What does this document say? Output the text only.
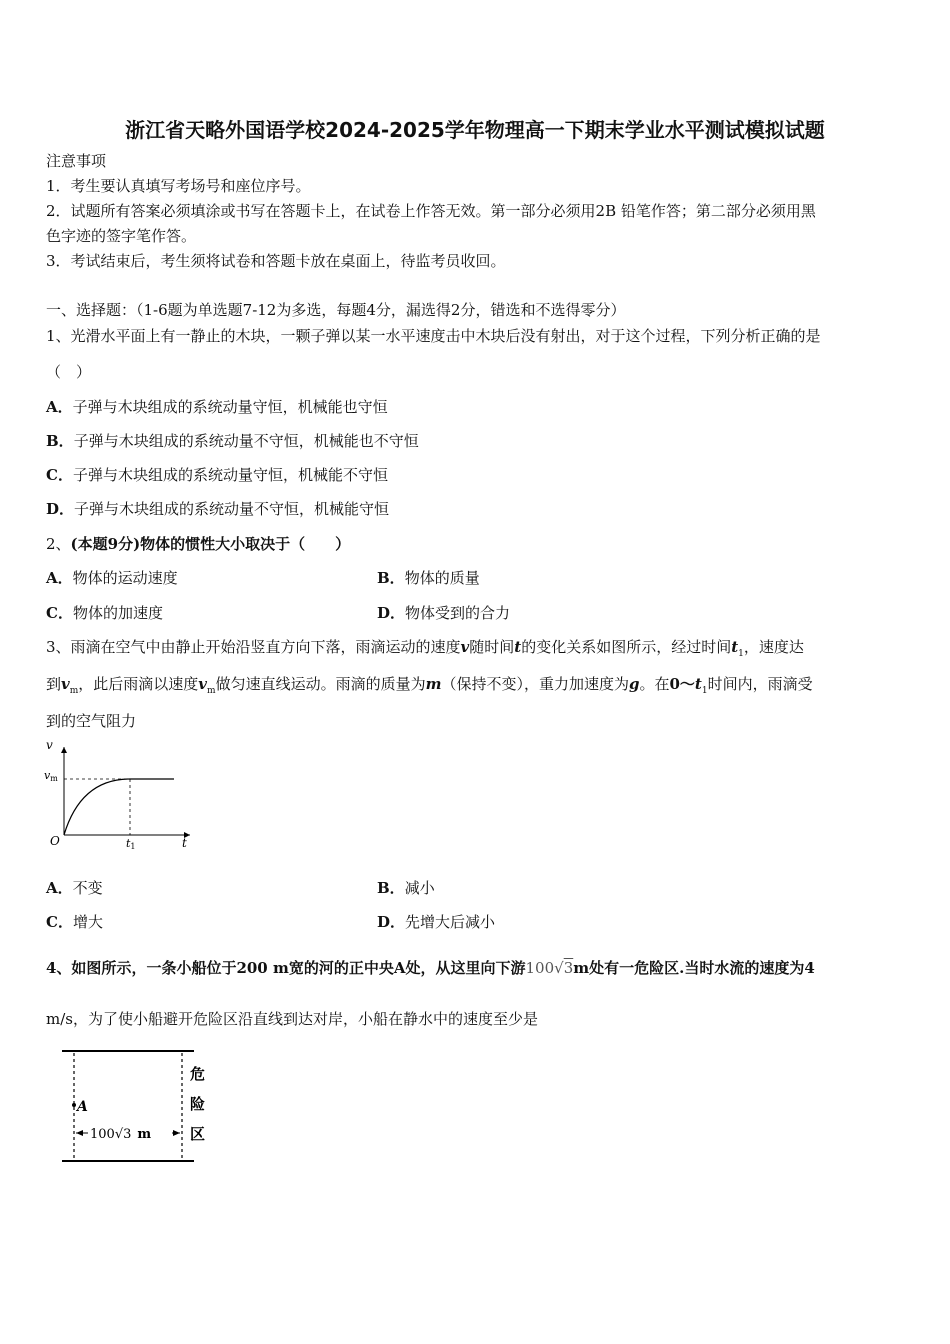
浙江省天略外国语学校2024-2025学年物理高一下期末学业水平测试模拟试题
注意事项
1．考生要认真填写考场号和座位序号。
2．试题所有答案必须填涂或书写在答题卡上，在试卷上作答无效。第一部分必须用2B 铅笔作答；第二部分必须用黑
色字迹的签字笔作答。
3．考试结束后，考生须将试卷和答题卡放在桌面上，待监考员收回。
一、选择题：（1-6题为单选题7-12为多选，每题4分，漏选得2分，错选和不选得零分）
1、光滑水平面上有一静止的木块，一颗子弹以某一水平速度击中木块后没有射出，对于这个过程，下列分析正确的是
（　）
A．子弹与木块组成的系统动量守恒，机械能也守恒
B．子弹与木块组成的系统动量不守恒，机械能也不守恒
C．子弹与木块组成的系统动量守恒，机械能不守恒
D．子弹与木块组成的系统动量不守恒，机械能守恒
2、(本题9分)物体的惯性大小取决于（　　）
A．物体的运动速度	B．物体的质量
C．物体的加速度	D．物体受到的合力
3、雨滴在空气中由静止开始沿竖直方向下落，雨滴运动的速度v随时间t的变化关系如图所示，经过时间$t_1$，速度达
到$v_m$，此后雨滴以速度$v_m$做匀速直线运动。雨滴的质量为m（保持不变），重力加速度为g。在$0\sim t_1$时间内，雨滴受
到的空气阻力
v
vm
O	t1	t
A．不变	B．减小
C．增大	D．先增大后减小
4、如图所示，一条小船位于200 m宽的河的正中央A处，从这里向下游100√3m处有一危险区.当时水流的速度为4
m/s，为了使小船避开危险区沿直线到达对岸，小船在静水中的速度至少是
A
100√3 m
危
险
区
